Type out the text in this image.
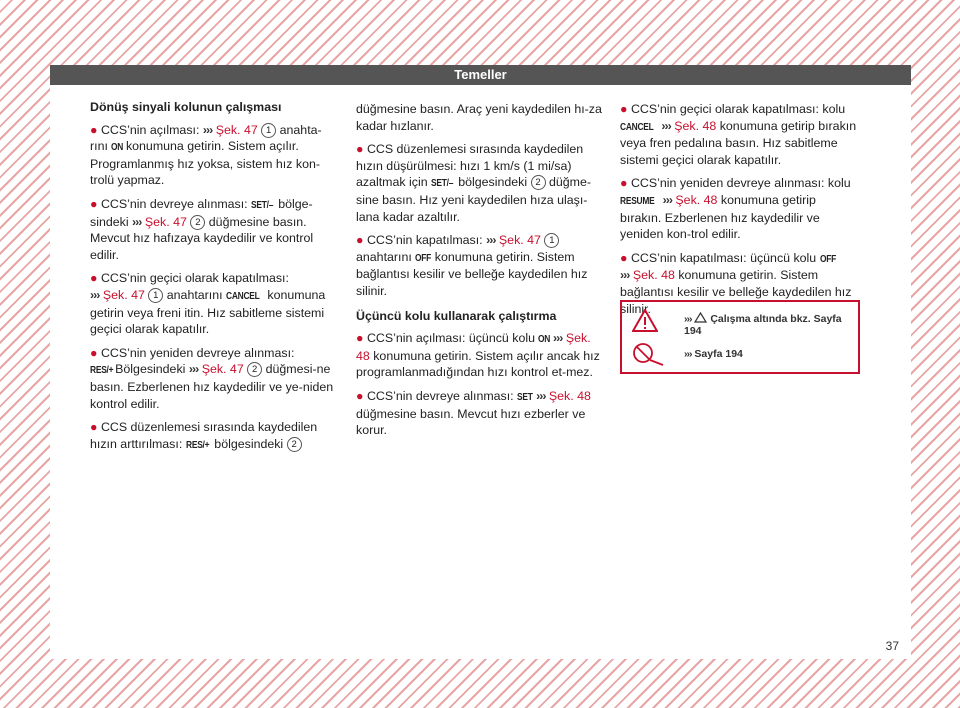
Temeller
Dönüş sinyali kolunun çalışması

● CCS’nin açılması: ››› Şek. 47 1 anahta-rını ON konumuna getirin. Sistem açılır. Programlanmış hız yoksa, sistem hız kon-trolü yapmaz.

● CCS’nin devreye alınması: SET/– bölge-sindeki ››› Şek. 47 2 düğmesine basın. Mevcut hız hafızaya kaydedilir ve kontrol edilir.

● CCS’nin geçici olarak kapatılması:
››› Şek. 47 1 anahtarını CANCEL konumuna getirin veya freni itin. Hız sabitleme sistemi geçici olarak kapatılır.

● CCS’nin yeniden devreye alınması:
RES/+ Bölgesindeki ››› Şek. 47 2 düğmesi-ne basın. Ezberlenen hız kaydedilir ve ye-niden kontrol edilir.

● CCS düzenlemesi sırasında kaydedilen hızın arttırılması: RES/+ bölgesindeki 2

düğmesine basın. Araç yeni kaydedilen hı-za kadar hızlanır.

● CCS düzenlemesi sırasında kaydedilen hızın düşürülmesi: hızı 1 km/s (1 mi/sa) azaltmak için SET/– bölgesindeki 2 düğme-sine basın. Hız yeni kaydedilen hıza ulaşı-lana kadar azaltılır.

● CCS’nin kapatılması: ››› Şek. 47 1
anahtarını OFF konumuna getirin. Sistem bağlantısı kesilir ve belleğe kaydedilen hız silinir.

Üçüncü kolu kullanarak çalıştırma

● CCS’nin açılması: üçüncü kolu ON ››› Şek. 48 konumuna getirin. Sistem açılır ancak hız programlanmadığından hızı kontrol et-mez.

● CCS’nin devreye alınması: SET ››› Şek. 48
düğmesine basın. Mevcut hızı ezberler ve korur.

● CCS’nin geçici olarak kapatılması: kolu
CANCEL ››› Şek. 48 konumuna getirip bırakın veya fren pedalına basın. Hız sabitleme sistemi geçici olarak kapatılır.

● CCS’nin yeniden devreye alınması: kolu
RESUME ››› Şek. 48 konumuna getirip bırakın. Ezberlenen hız kaydedilir ve yeniden kon-trol edilir.

● CCS’nin kapatılması: üçüncü kolu OFF
››› Şek. 48 konumuna getirin. Sistem bağlantısı kesilir ve belleğe kaydedilen hız silinir.

››› Çalışma altında bkz. Sayfa 194
››› Sayfa 194
37
